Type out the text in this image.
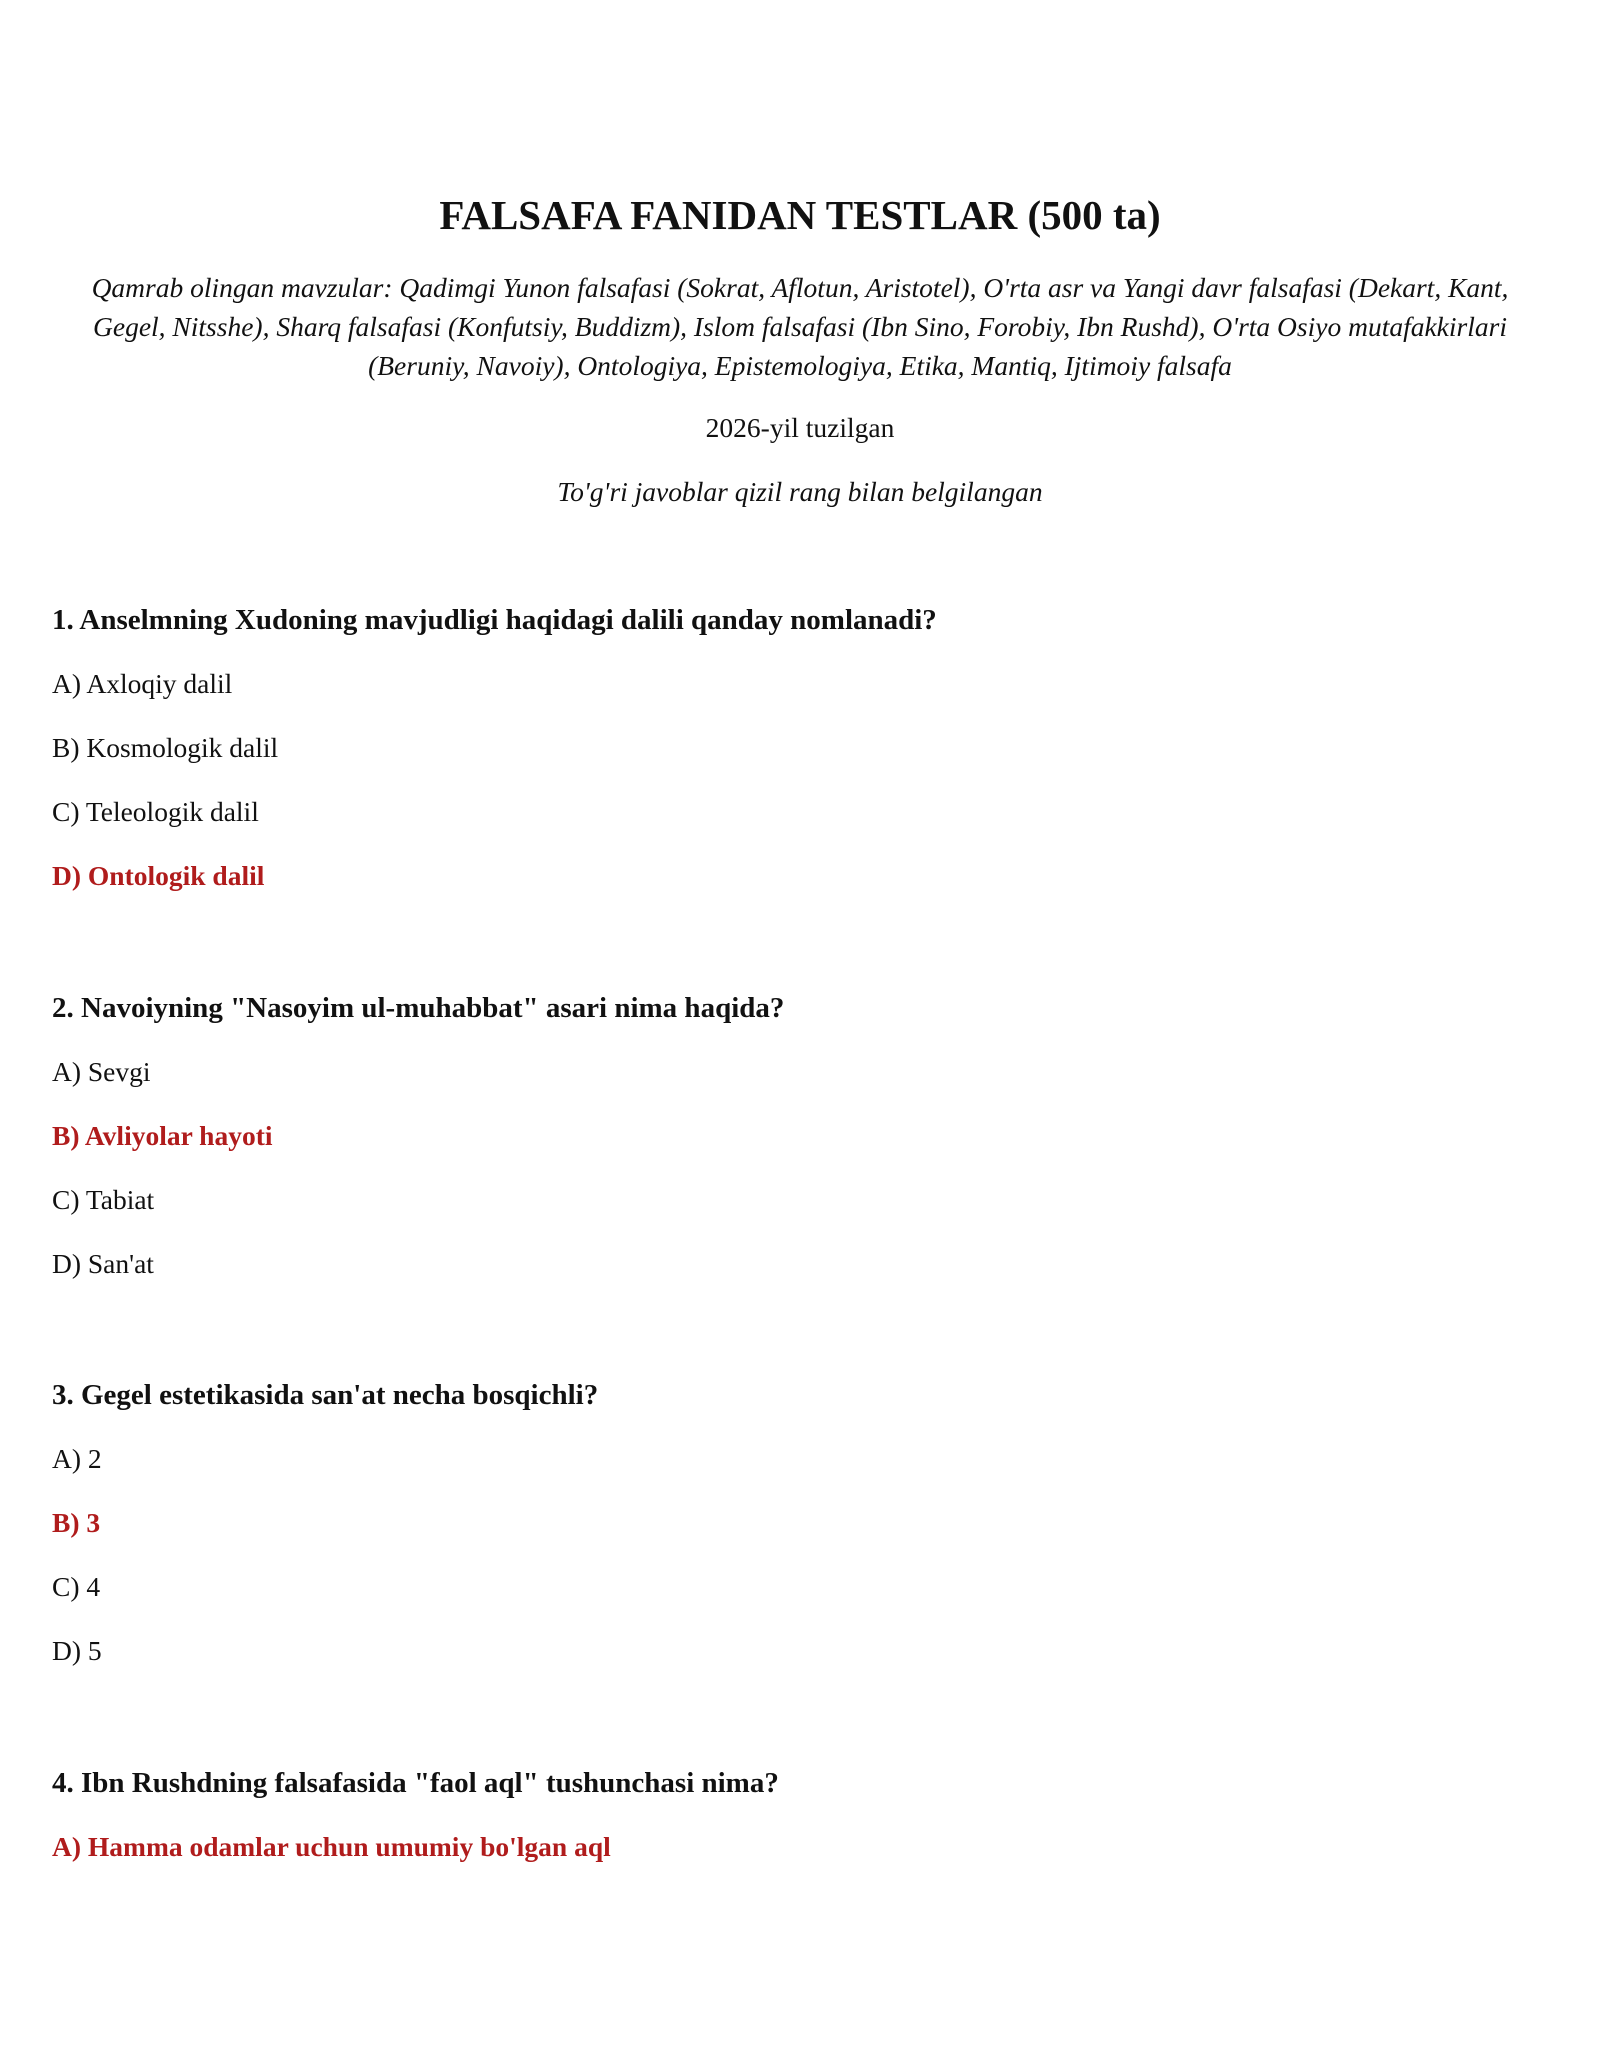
FALSAFA FANIDAN TESTLAR (500 ta)

Qamrab olingan mavzular: Qadimgi Yunon falsafasi (Sokrat, Aflotun, Aristotel), O'rta asr va Yangi davr falsafasi (Dekart, Kant, Gegel, Nitsshe), Sharq falsafasi (Konfutsiy, Buddizm), Islom falsafasi (Ibn Sino, Forobiy, Ibn Rushd), O'rta Osiyo mutafakkirlari (Beruniy, Navoiy), Ontologiya, Epistemologiya, Etika, Mantiq, Ijtimoiy falsafa

2026-yil tuzilgan
To'g'ri javoblar qizil rang bilan belgilangan
1. Anselmning Xudoning mavjudligi haqidagi dalili qanday nomlanadi?
A) Axloqiy dalil
B) Kosmologik dalil
C) Teleologik dalil
D) Ontologik dalil
2. Navoiyning "Nasoyim ul-muhabbat" asari nima haqida?
A) Sevgi
B) Avliyolar hayoti
C) Tabiat
D) San'at
3. Gegel estetikasida san'at necha bosqichli?
A) 2
B) 3
C) 4
D) 5
4. Ibn Rushdning falsafasida "faol aql" tushunchasi nima?
A) Hamma odamlar uchun umumiy bo'lgan aql
